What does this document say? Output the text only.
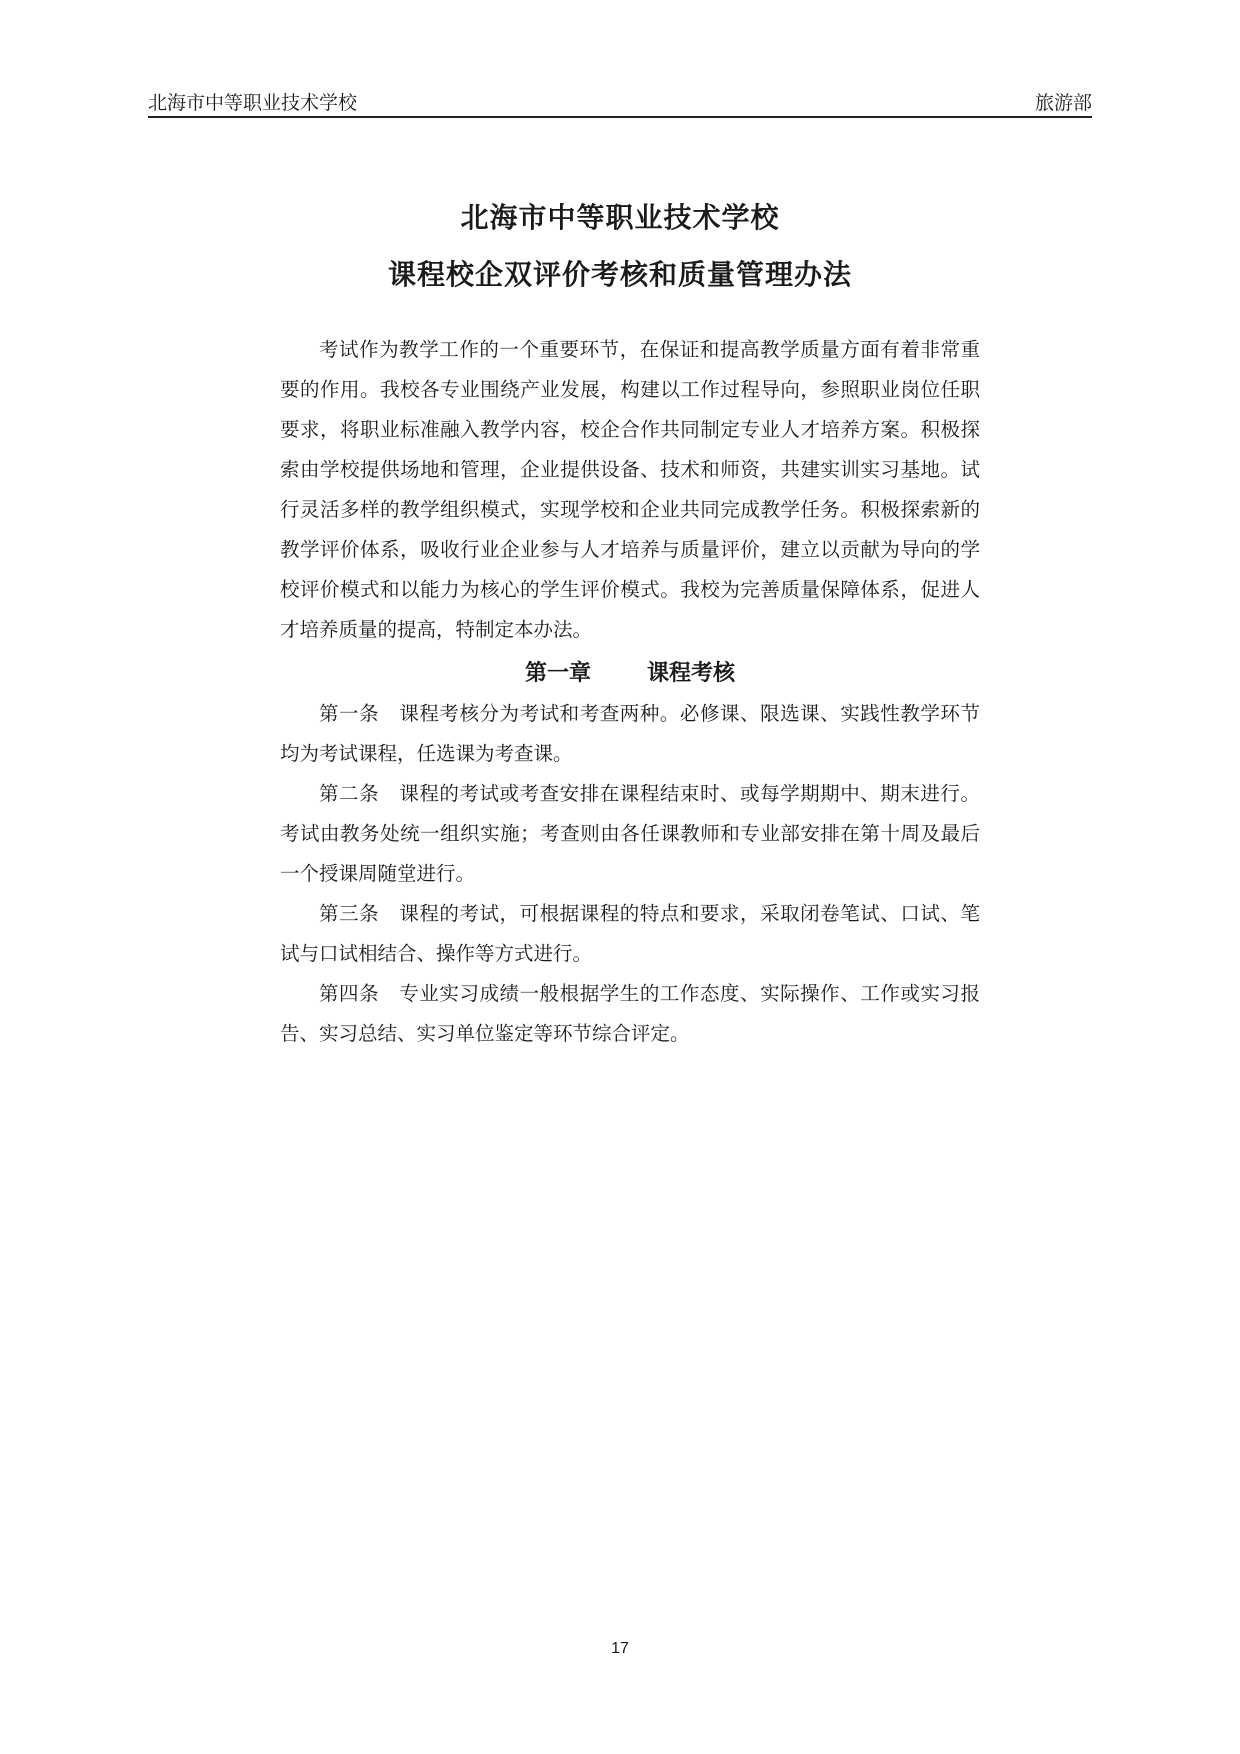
北海市中等职业技术学校	旅游部
北海市中等职业技术学校
课程校企双评价考核和质量管理办法

考试作为教学工作的一个重要环节，在保证和提高教学质量方面有着非常重要的作用。我校各专业围绕产业发展，构建以工作过程导向，参照职业岗位任职要求，将职业标准融入教学内容，校企合作共同制定专业人才培养方案。积极探索由学校提供场地和管理，企业提供设备、技术和师资，共建实训实习基地。试行灵活多样的教学组织模式，实现学校和企业共同完成教学任务。积极探索新的教学评价体系，吸收行业企业参与人才培养与质量评价，建立以贡献为导向的学校评价模式和以能力为核心的学生评价模式。我校为完善质量保障体系，促进人才培养质量的提高，特制定本办法。

第一章	课程考核

第一条 课程考核分为考试和考查两种。必修课、限选课、实践性教学环节均为考试课程，任选课为考查课。

第二条 课程的考试或考查安排在课程结束时、或每学期期中、期末进行。考试由教务处统一组织实施；考查则由各任课教师和专业部安排在第十周及最后一个授课周随堂进行。

第三条 课程的考试，可根据课程的特点和要求，采取闭卷笔试、口试、笔试与口试相结合、操作等方式进行。

第四条 专业实习成绩一般根据学生的工作态度、实际操作、工作或实习报告、实习总结、实习单位鉴定等环节综合评定。

17
